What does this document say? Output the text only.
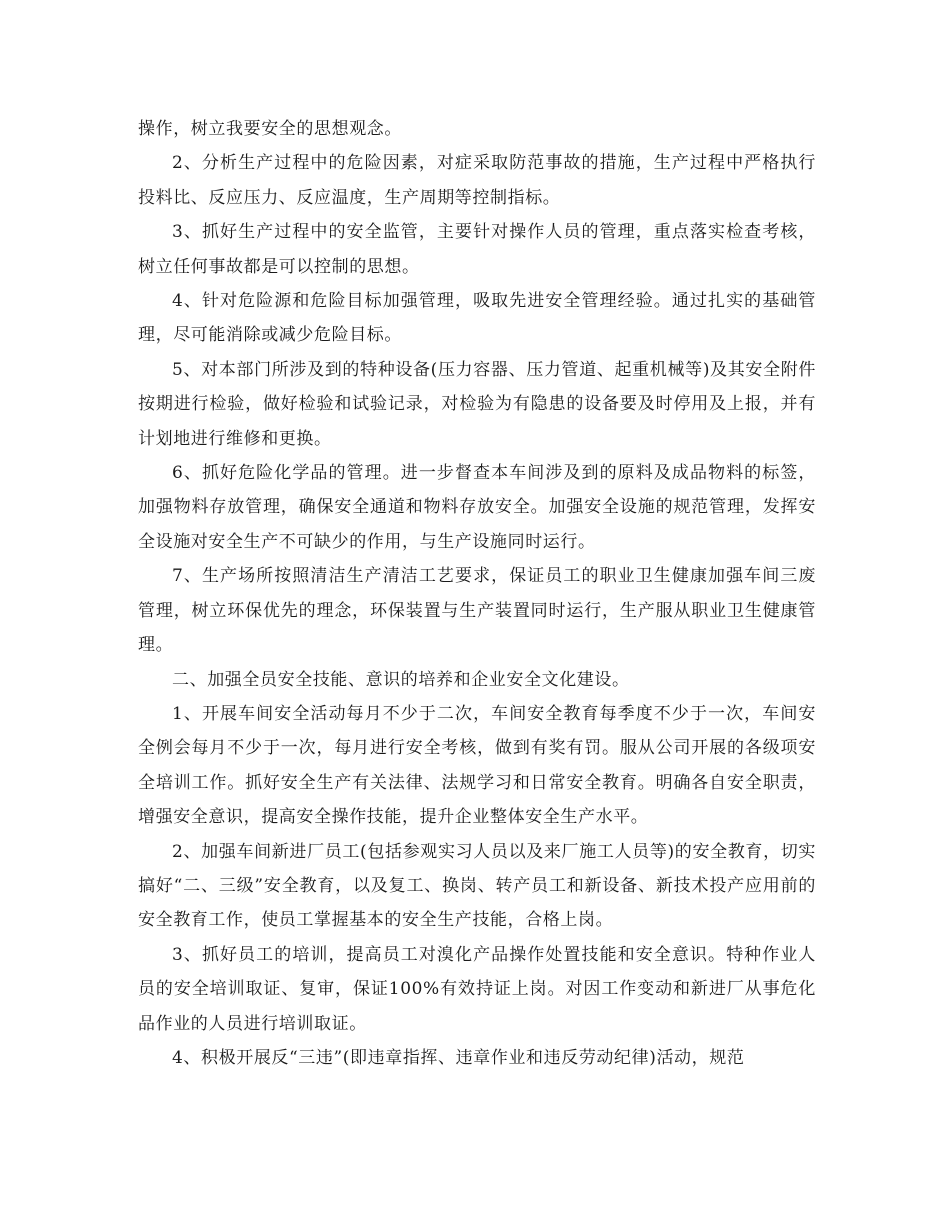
操作，树立我要安全的思想观念。

2、分析生产过程中的危险因素，对症采取防范事故的措施，生产过程中严格执行投料比、反应压力、反应温度，生产周期等控制指标。

3、抓好生产过程中的安全监管，主要针对操作人员的管理，重点落实检查考核，树立任何事故都是可以控制的思想。

4、针对危险源和危险目标加强管理，吸取先进安全管理经验。通过扎实的基础管理，尽可能消除或减少危险目标。

5、对本部门所涉及到的特种设备(压力容器、压力管道、起重机械等)及其安全附件按期进行检验，做好检验和试验记录，对检验为有隐患的设备要及时停用及上报，并有计划地进行维修和更换。

6、抓好危险化学品的管理。进一步督查本车间涉及到的原料及成品物料的标签，加强物料存放管理，确保安全通道和物料存放安全。加强安全设施的规范管理，发挥安全设施对安全生产不可缺少的作用，与生产设施同时运行。

7、生产场所按照清洁生产清洁工艺要求，保证员工的职业卫生健康加强车间三废管理，树立环保优先的理念，环保装置与生产装置同时运行，生产服从职业卫生健康管理。

二、加强全员安全技能、意识的培养和企业安全文化建设。

1、开展车间安全活动每月不少于二次，车间安全教育每季度不少于一次，车间安全例会每月不少于一次，每月进行安全考核，做到有奖有罚。服从公司开展的各级项安全培训工作。抓好安全生产有关法律、法规学习和日常安全教育。明确各自安全职责，增强安全意识，提高安全操作技能，提升企业整体安全生产水平。

2、加强车间新进厂员工(包括参观实习人员以及来厂施工人员等)的安全教育，切实搞好“二、三级”安全教育，以及复工、换岗、转产员工和新设备、新技术投产应用前的安全教育工作，使员工掌握基本的安全生产技能，合格上岗。

3、抓好员工的培训，提高员工对溴化产品操作处置技能和安全意识。特种作业人员的安全培训取证、复审，保证100%有效持证上岗。对因工作变动和新进厂从事危化品作业的人员进行培训取证。

4、积极开展反“三违”(即违章指挥、违章作业和违反劳动纪律)活动，规范
